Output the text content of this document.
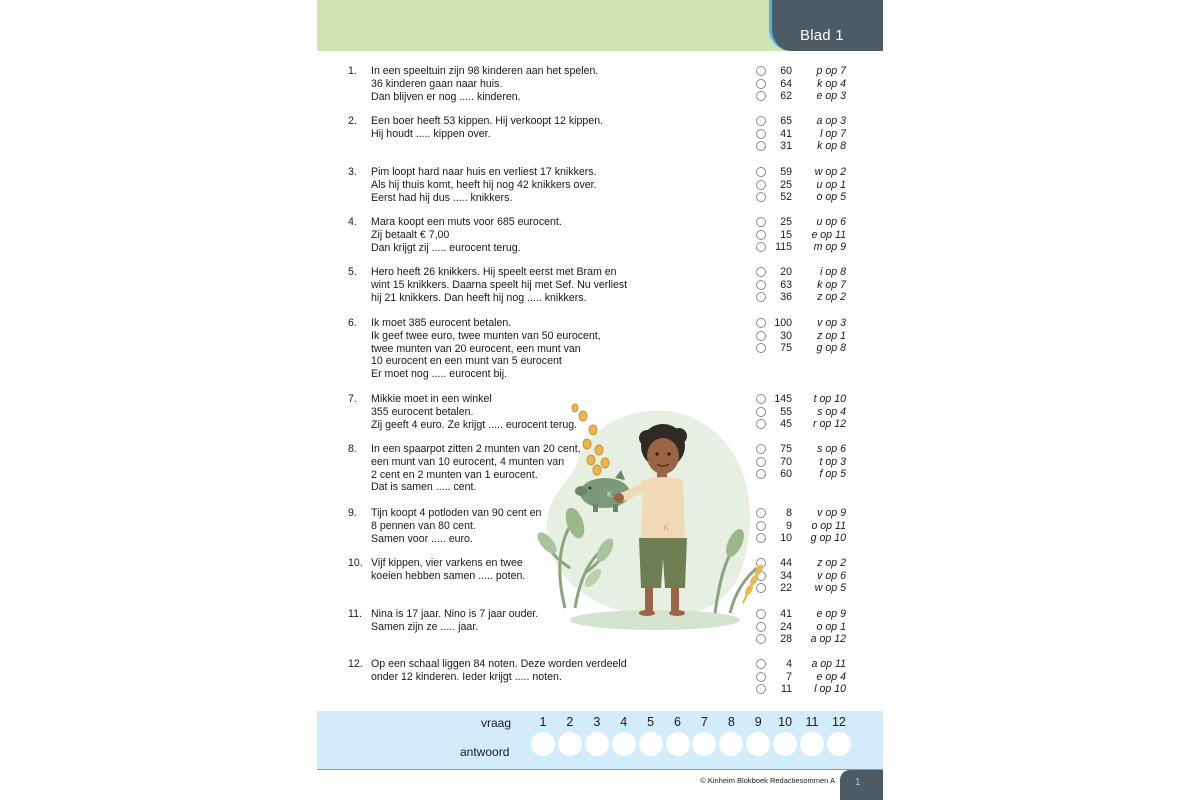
Blad 1
1. In een speeltuin zijn 98 kinderen aan het spelen.
36 kinderen gaan naar huis.
Dan blijven er nog ..... kinderen.
60	p op 7
64	k op 4
62	e op 3
2. Een boer heeft 53 kippen. Hij verkoopt 12 kippen.
Hij houdt ..... kippen over.
65	a op 3
41	l op 7
31	k op 8
3. Pim loopt hard naar huis en verliest 17 knikkers.
Als hij thuis komt, heeft hij nog 42 knikkers over.
Eerst had hij dus ..... knikkers.
59	w op 2
25	u op 1
52	o op 5
4. Mara koopt een muts voor 685 eurocent.
Zij betaalt € 7,00
Dan krijgt zij ..... eurocent terug.
25	u op 6
15 e op 11
115	m op 9
5. Hero heeft 26 knikkers. Hij speelt eerst met Bram en
wint 15 knikkers. Daarna speelt hij met Sef. Nu verliest
hij 21 knikkers. Dan heeft hij nog ..... knikkers.
20	i op 8
63	k op 7
36	z op 2
6. Ik moet 385 eurocent betalen.
Ik geef twee euro, twee munten van 50 eurocent,
twee munten van 20 eurocent, een munt van
10 eurocent en een munt van 5 eurocent
Er moet nog ..... eurocent bij.
100	v op 3
30	z op 1
75	g op 8
7. Mikkie moet in een winkel
355 eurocent betalen.
Zij geeft 4 euro. Ze krijgt ..... eurocent terug.
145	t op 10
55	s op 4
45 r op 12
8. In een spaarpot zitten 2 munten van 20 cent,
een munt van 10 eurocent, 4 munten van
2 cent en 2 munten van 1 eurocent.
Dat is samen ..... cent.
75	s op 6
70	t op 3
60	f op 5
9. Tijn koopt 4 potloden van 90 cent en
8 pennen van 80 cent.
Samen voor ..... euro.
8	v op 9
9 o op 11
10 g op 10
10. Vijf kippen, vier varkens en twee
koeien hebben samen ..... poten.
44	z op 2
34	v op 6
22	w op 5
11. Nina is 17 jaar. Nino is 7 jaar ouder.
Samen zijn ze ..... jaar.
41	e op 9
24	o op 1
28 a op 12
12. Op een schaal liggen 84 noten. Deze worden verdeeld
onder 12 kinderen. Ieder krijgt ..... noten.
4 a op 11
7	e op 4
11	l op 10
K
K
vraag
antwoord
1	2	3	4	5	6	7	8	9	10	11	12
© Kinheim Blokboek Redactiesommen A 1
